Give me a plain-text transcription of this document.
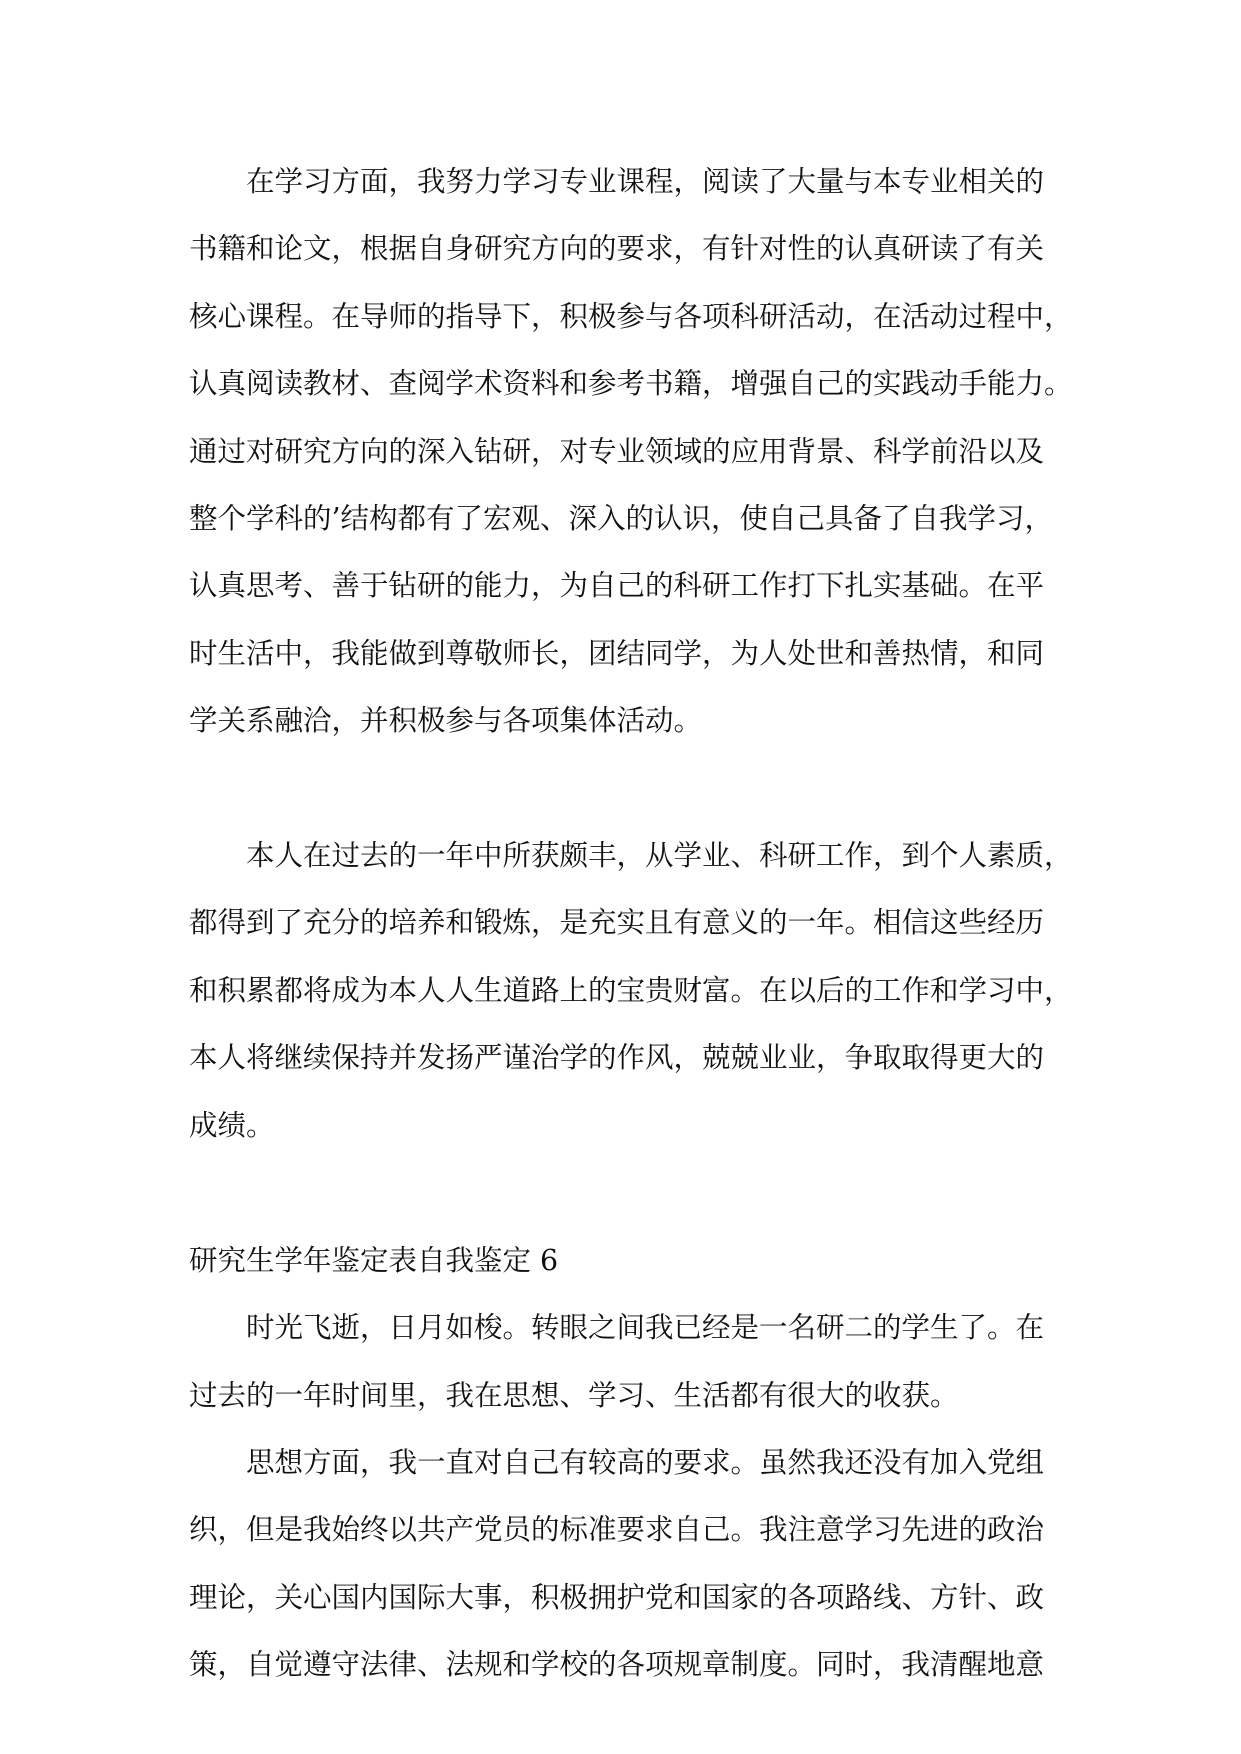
在学习方面，我努力学习专业课程，阅读了大量与本专业相关的
书籍和论文，根据自身研究方向的要求，有针对性的认真研读了有关
核心课程。在导师的指导下，积极参与各项科研活动，在活动过程中，
认真阅读教材、查阅学术资料和参考书籍，增强自己的实践动手能力。
通过对研究方向的深入钻研，对专业领域的应用背景、科学前沿以及
整个学科的’结构都有了宏观、深入的认识，使自己具备了自我学习，
认真思考、善于钻研的能力，为自己的科研工作打下扎实基础。在平
时生活中，我能做到尊敬师长，团结同学，为人处世和善热情，和同
学关系融洽，并积极参与各项集体活动。
本人在过去的一年中所获颇丰，从学业、科研工作，到个人素质，
都得到了充分的培养和锻炼，是充实且有意义的一年。相信这些经历
和积累都将成为本人人生道路上的宝贵财富。在以后的工作和学习中，
本人将继续保持并发扬严谨治学的作风，兢兢业业，争取取得更大的
成绩。
研究生学年鉴定表自我鉴定 6
时光飞逝，日月如梭。转眼之间我已经是一名研二的学生了。在
过去的一年时间里，我在思想、学习、生活都有很大的收获。
思想方面，我一直对自己有较高的要求。虽然我还没有加入党组
织，但是我始终以共产党员的标准要求自己。我注意学习先进的政治
理论，关心国内国际大事，积极拥护党和国家的各项路线、方针、政
策，自觉遵守法律、法规和学校的各项规章制度。同时，我清醒地意
